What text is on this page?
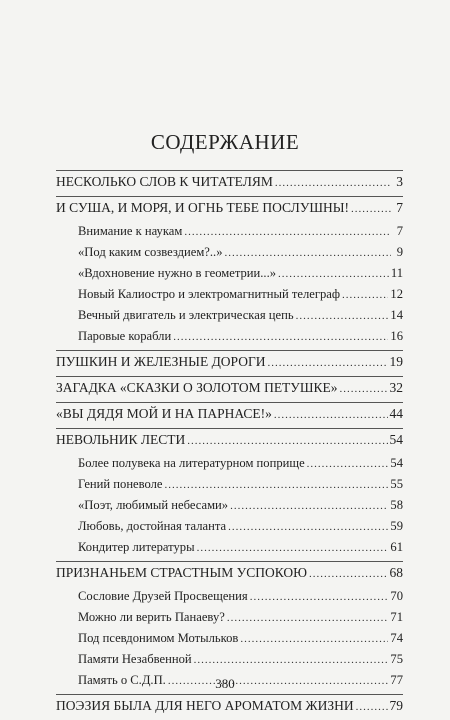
СОДЕРЖАНИЕ
НЕСКОЛЬКО СЛОВ К ЧИТАТЕЛЯМ .....	3
И СУША, И МОРЯ, И ОГНЬ ТЕБЕ ПОСЛУШНЫ! .....	7
Внимание к наукам .....	7
«Под каким созвездием?..» .....	9
«Вдохновение нужно в геометрии...» .....	11
Новый Калиостро и электромагнитный телеграф .....	12
Вечный двигатель и электрическая цепь .....	14
Паровые корабли .....	16
ПУШКИН И ЖЕЛЕЗНЫЕ ДОРОГИ .....	19
ЗАГАДКА «СКАЗКИ О ЗОЛОТОМ ПЕТУШКЕ» .....	32
«ВЫ ДЯДЯ МОЙ И НА ПАРНАСЕ!» .....	44
НЕВОЛЬНИК ЛЕСТИ .....	54
Более полувека на литературном поприще .....	54
Гений поневоле .....	55
«Поэт, любимый небесами» .....	58
Любовь, достойная таланта .....	59
Кондитер литературы .....	61
ПРИЗНАНЬЕМ СТРАСТНЫМ УСПОКОЮ .....	68
Сословие Друзей Просвещения .....	70
Можно ли верить Панаеву? .....	71
Под псевдонимом Мотыльков .....	74
Памяти Незабвенной .....	75
Память о С.Д.П. .....	77
ПОЭЗИЯ БЫЛА ДЛЯ НЕГО АРОМАТОМ ЖИЗНИ .....	79
380
